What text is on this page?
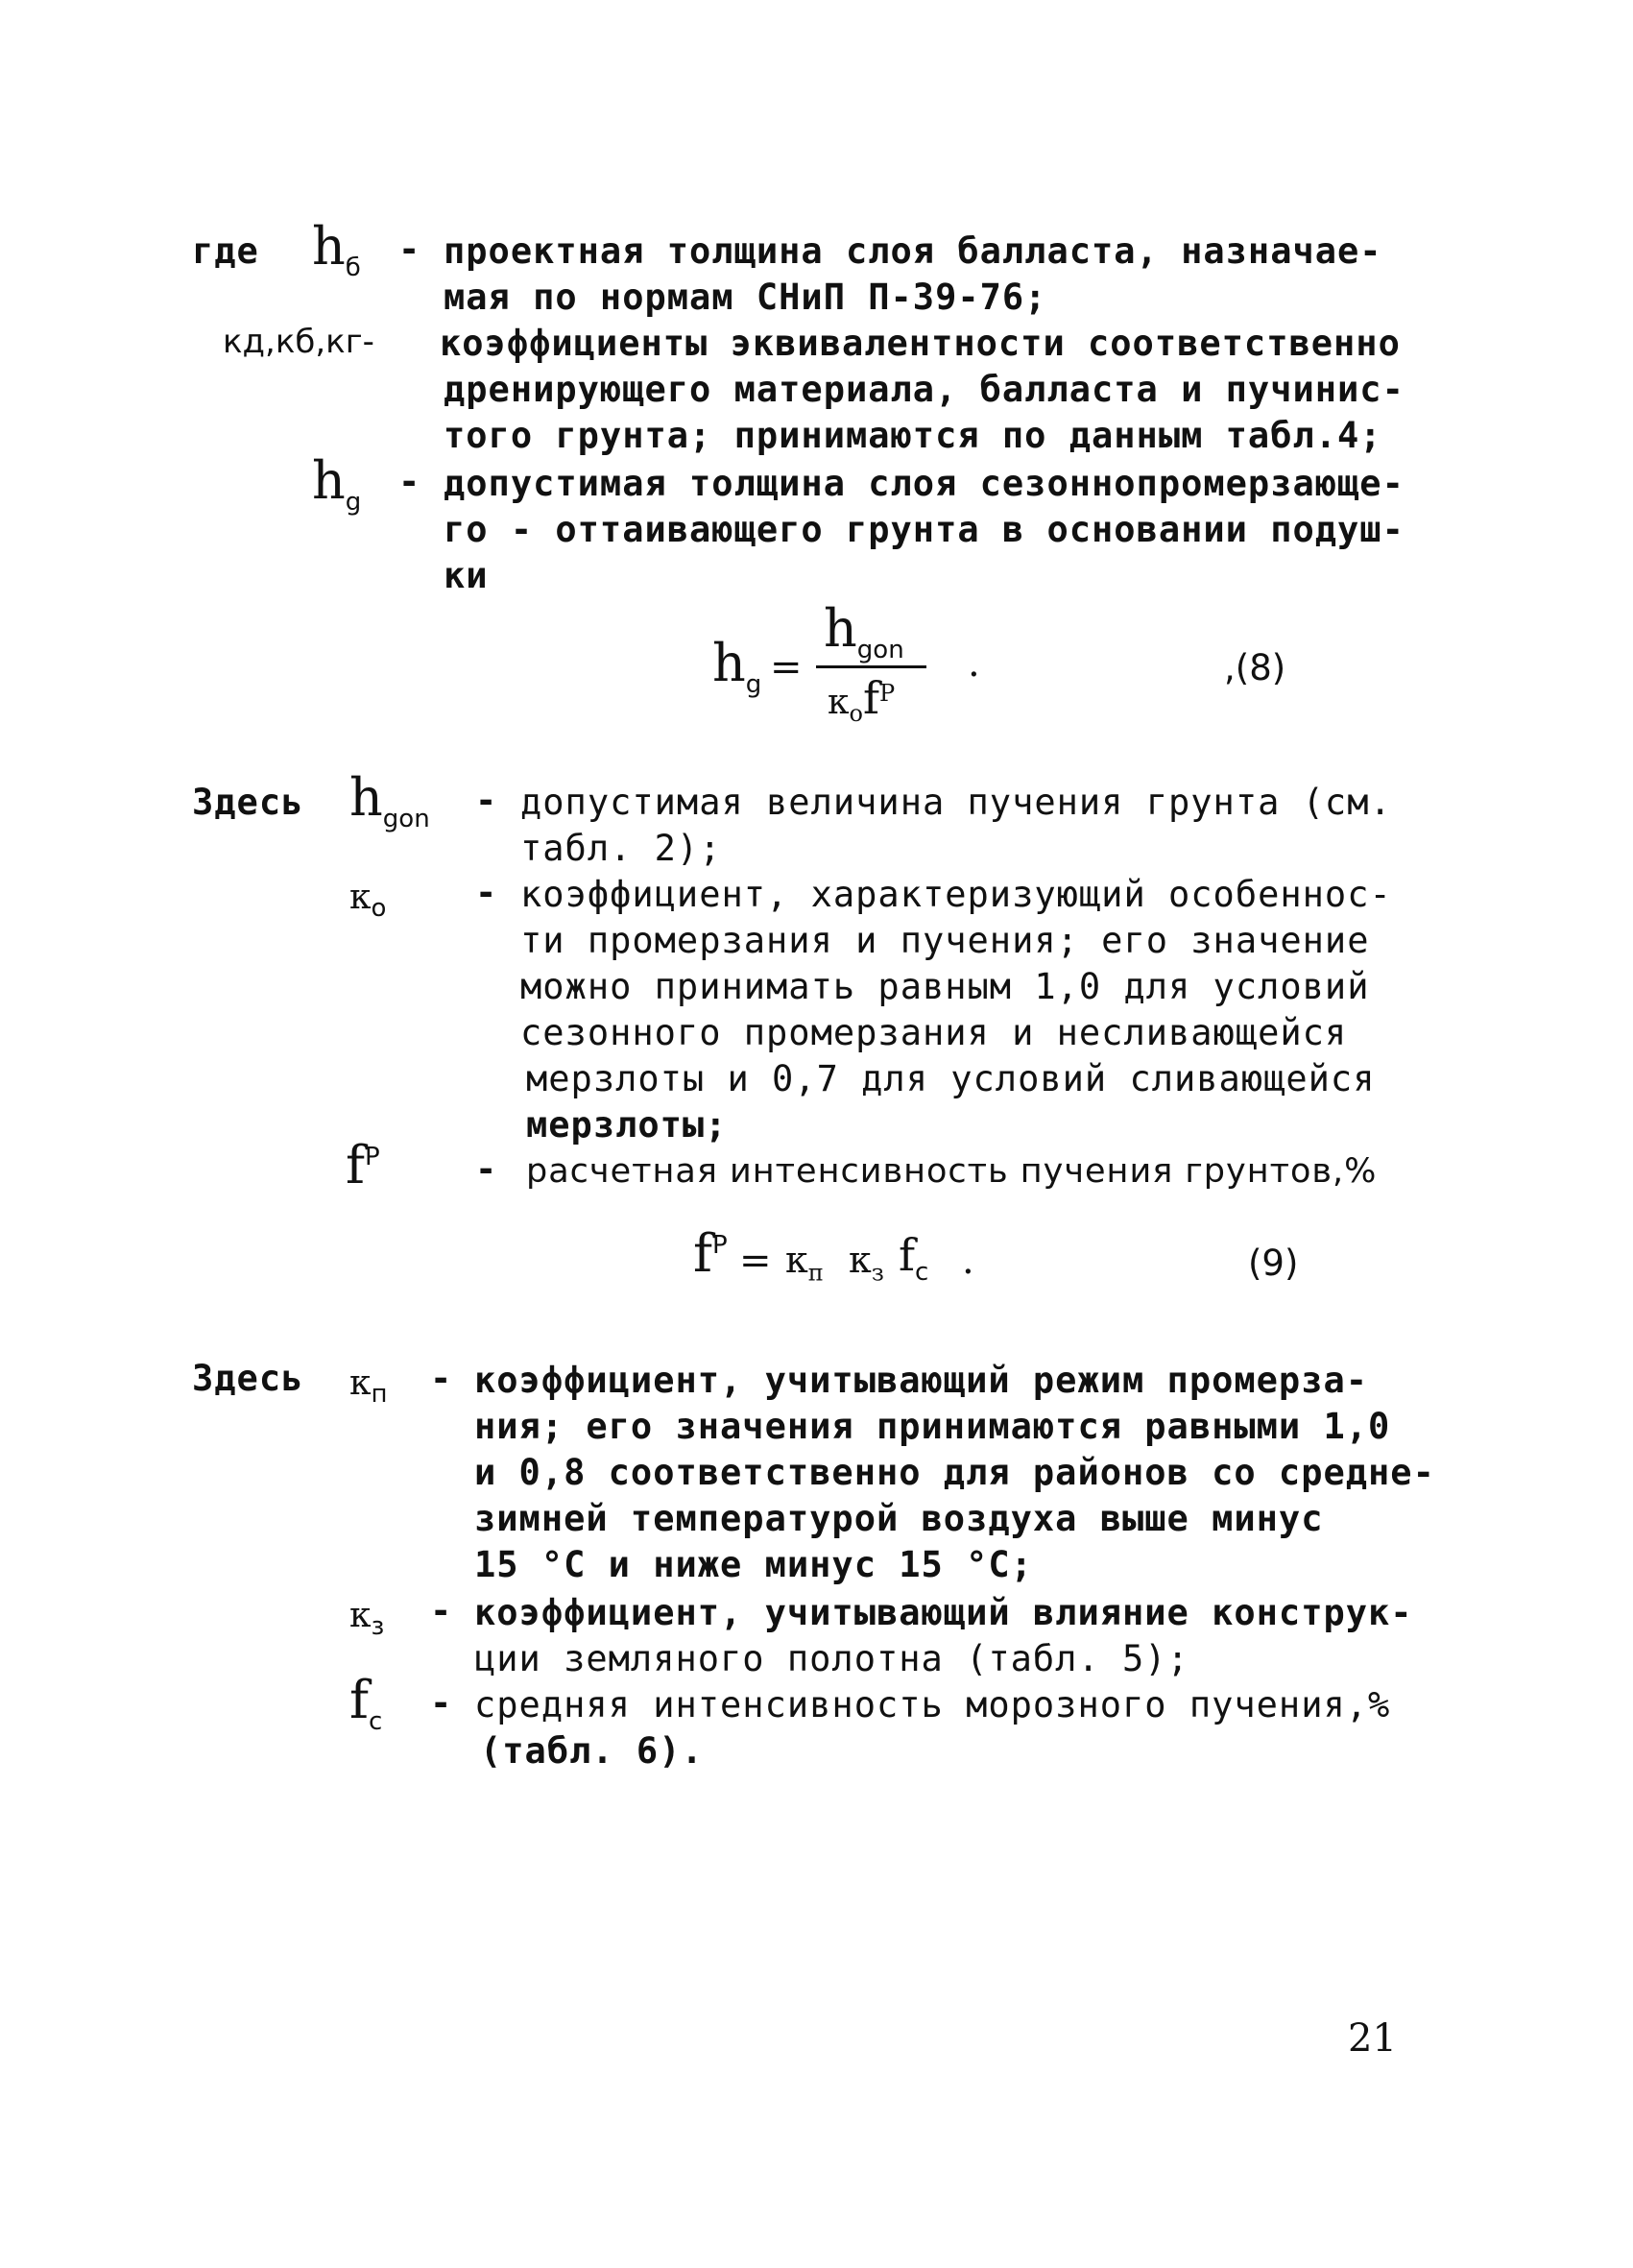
где $h_б$ - проектная толщина слоя балласта, назначае-
мая по нормам СНиП П-39-76;
кд,кб,кг- коэффициенты эквивалентности соответственно
дренирующего материала, балласта и пучинис-
того грунта; принимаются по данным табл.4;
$h_g$ - допустимая толщина слоя сезоннопромерзающе-
го - оттаивающего грунта в основании подуш-
ки
$h_g$ =
$h_{gon}$
$к_оf^P$
.	,(8)
Здесь $h_{gon}$ - допустимая величина пучения грунта (см.
табл. 2);
$к_о$	- коэффициент, характеризующий особеннос-
ти промерзания и пучения; его значение
можно принимать равным 1,0 для условий
сезонного промерзания и несливающейся
мерзлоты и 0,7 для условий сливающейся
мерзлоты;
$f^P$	- расчетная интенсивность пучения грунтов,%
$f^P = к_п$ $к_з$ $f_с$ .	(9)
Здесь $к_п$ - коэффициент, учитывающий режим промерза-
ния; его значения принимаются равными 1,0
и 0,8 соответственно для районов со средне-
зимней температурой воздуха выше минус
15 °С и ниже минус 15 °С;
$к_з$ - коэффициент, учитывающий влияние конструк-
ции земляного полотна (табл. 5);
$f_с$ - средняя интенсивность морозного пучения,%
(табл. 6).
21
